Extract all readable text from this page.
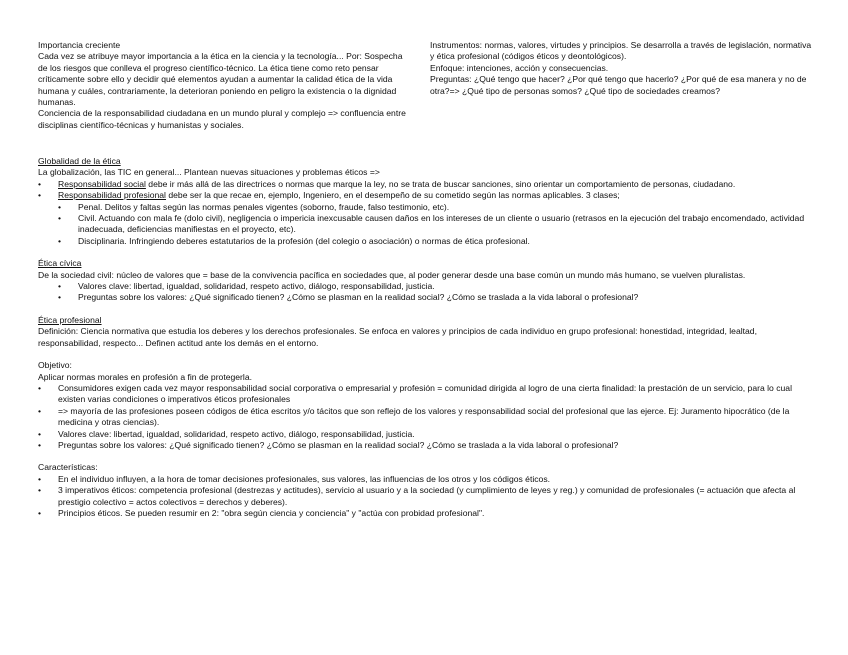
Importancia creciente

Cada vez se atribuye mayor importancia a la ética en la ciencia y la tecnología... Por: Sospecha de los riesgos que conlleva el progreso científico-técnico. La ética tiene como reto pensar críticamente sobre ello y decidir qué elementos ayudan a aumentar la calidad ética de la vida humana y cuáles, contrariamente, la deterioran poniendo en peligro la existencia o la dignidad humanas.

Conciencia de la responsabilidad ciudadana en un mundo plural y complejo => confluencia entre disciplinas científico-técnicas y humanistas y sociales.

Instrumentos: normas, valores, virtudes y principios. Se desarrolla a través de legislación, normativa y ética profesional (códigos éticos y deontológicos).

Enfoque: intenciones, acción y consecuencias.

Preguntas: ¿Qué tengo que hacer? ¿Por qué tengo que hacerlo? ¿Por qué de esa manera y no de otra?=> ¿Qué tipo de personas somos? ¿Qué tipo de sociedades creamos?

Globalidad de la ética

La globalización, las TIC en general... Plantean nuevas situaciones y problemas éticos =>

• Responsabilidad social debe ir más allá de las directrices o normas que marque la ley, no se trata de buscar sanciones, sino orientar un comportamiento de personas, ciudadano.
• Responsabilidad profesional debe ser la que recae en, ejemplo, Ingeniero, en el desempeño de su cometido según las normas aplicables. 3 clases;
• Penal. Delitos y faltas según las normas penales vigentes (soborno, fraude, falso testimonio, etc).
• Civil. Actuando con mala fe (dolo civil), negligencia o impericia inexcusable causen daños en los intereses de un cliente o usuario (retrasos en la ejecución del trabajo encomendado, actividad inadecuada, deficiencias manifiestas en el proyecto, etc).
• Disciplinaria. Infringiendo deberes estatutarios de la profesión (del colegio o asociación) o normas de ética profesional.

Ética cívica

De la sociedad civil: núcleo de valores que = base de la convivencia pacífica en sociedades que, al poder generar desde una base común un mundo más humano, se vuelven pluralistas.

• Valores clave: libertad, igualdad, solidaridad, respeto activo, diálogo, responsabilidad, justicia.
• Preguntas sobre los valores: ¿Qué significado tienen? ¿Cómo se plasman en la realidad social? ¿Cómo se traslada a la vida laboral o profesional?

Ética profesional

Definición: Ciencia normativa que estudia los deberes y los derechos profesionales. Se enfoca en valores y principios de cada individuo en grupo profesional: honestidad, integridad, lealtad, responsabilidad, respecto... Definen actitud ante los demás en el entorno.

Objetivo:

Aplicar normas morales en profesión a fin de protegerla.

• Consumidores exigen cada vez mayor responsabilidad social corporativa o empresarial y profesión = comunidad dirigida al logro de una cierta finalidad: la prestación de un servicio, para lo cual existen varias condiciones o imperativos éticos profesionales
• => mayoría de las profesiones poseen códigos de ética escritos y/o tácitos que son reflejo de los valores y responsabilidad social del profesional que las ejerce. Ej: Juramento hipocrático (de la medicina y otras ciencias).
• Valores clave: libertad, igualdad, solidaridad, respeto activo, diálogo, responsabilidad, justicia.
• Preguntas sobre los valores: ¿Qué significado tienen? ¿Cómo se plasman en la realidad social? ¿Cómo se traslada a la vida laboral o profesional?

Características:

• En el individuo influyen, a la hora de tomar decisiones profesionales, sus valores, las influencias de los otros y los códigos éticos.
• 3 imperativos éticos: competencia profesional (destrezas y actitudes), servicio al usuario y a la sociedad (y cumplimiento de leyes y reg.) y comunidad de profesionales (= actuación que afecta al prestigio colectivo = actos colectivos = derechos y deberes).
• Principios éticos. Se pueden resumir en 2: "obra según ciencia y conciencia" y "actúa con probidad profesional".
